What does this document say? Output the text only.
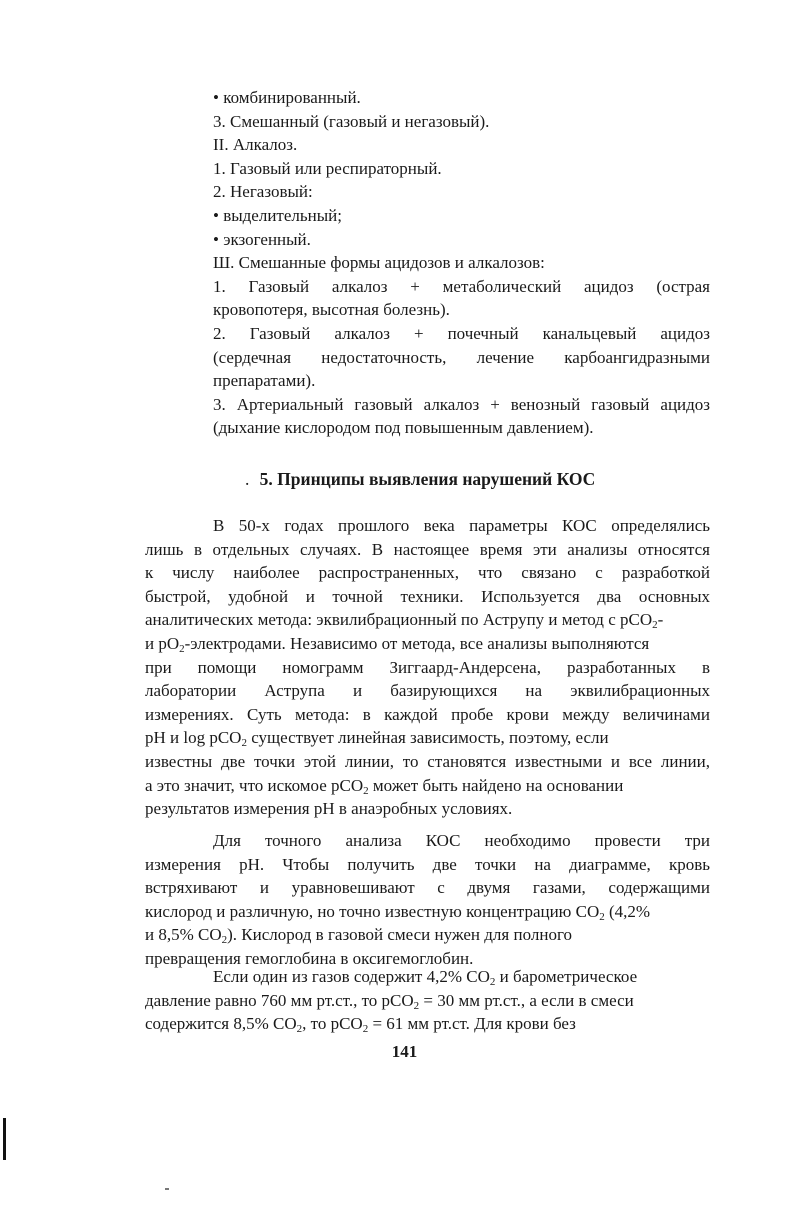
• комбинированный.
3. Смешанный (газовый и негазовый).
II. Алкалоз.
1. Газовый или респираторный.
2. Негазовый:
• выделительный;
• экзогенный.
Ш. Смешанные формы ацидозов и алкалозов:
1. Газовый алкалоз + метаболический ацидоз (острая
кровопотеря, высотная болезнь).
2. Газовый алкалоз + почечный канальцевый ацидоз
(сердечная недостаточность, лечение карбоангидразными
препаратами).
3. Артериальный газовый алкалоз + венозный газовый ацидоз
(дыхание кислородом под повышенным давлением).
. 5. Принципы выявления нарушений КОС
В 50-х годах прошлого века параметры КОС определялись
лишь в отдельных случаях. В настоящее время эти анализы относятся
к числу наиболее распространенных, что связано с разработкой
быстрой, удобной и точной техники. Используется два основных
аналитических метода: эквилибрационный по Аструпу и метод с pCO$_2$-
и $pO_2$-электродами. Независимо от метода, все анализы выполняются
при помощи номограмм Зиггаард-Андерсена, разработанных в
лаборатории Аструпа и базирующихся на эквилибрационных
измерениях. Суть метода: в каждой пробе крови между величинами
pH и log pCO$_2$ существует линейная зависимость, поэтому, если
известны две точки этой линии, то становятся известными и все линии,
а это значит, что искомое pCO$_2$ может быть найдено на основании
результатов измерения pH в анаэробных условиях.
Для точного анализа КОС необходимо провести три
измерения pH. Чтобы получить две точки на диаграмме, кровь
встряхивают и уравновешивают с двумя газами, содержащими
кислород и различную, но точно известную концентрацию $CO_2$ (4,2%
и 8,5% $CO_2$). Кислород в газовой смеси нужен для полного
превращения гемоглобина в оксигемоглобин.
Если один из газов содержит 4,2% $CO_2$ и барометрическое
давление равно 760 мм рт.ст., то pCO$_2$ = 30 мм рт.ст., а если в смеси
содержится 8,5% $CO_2$, то pCO$_2$ = 61 мм рт.ст. Для крови без
141
